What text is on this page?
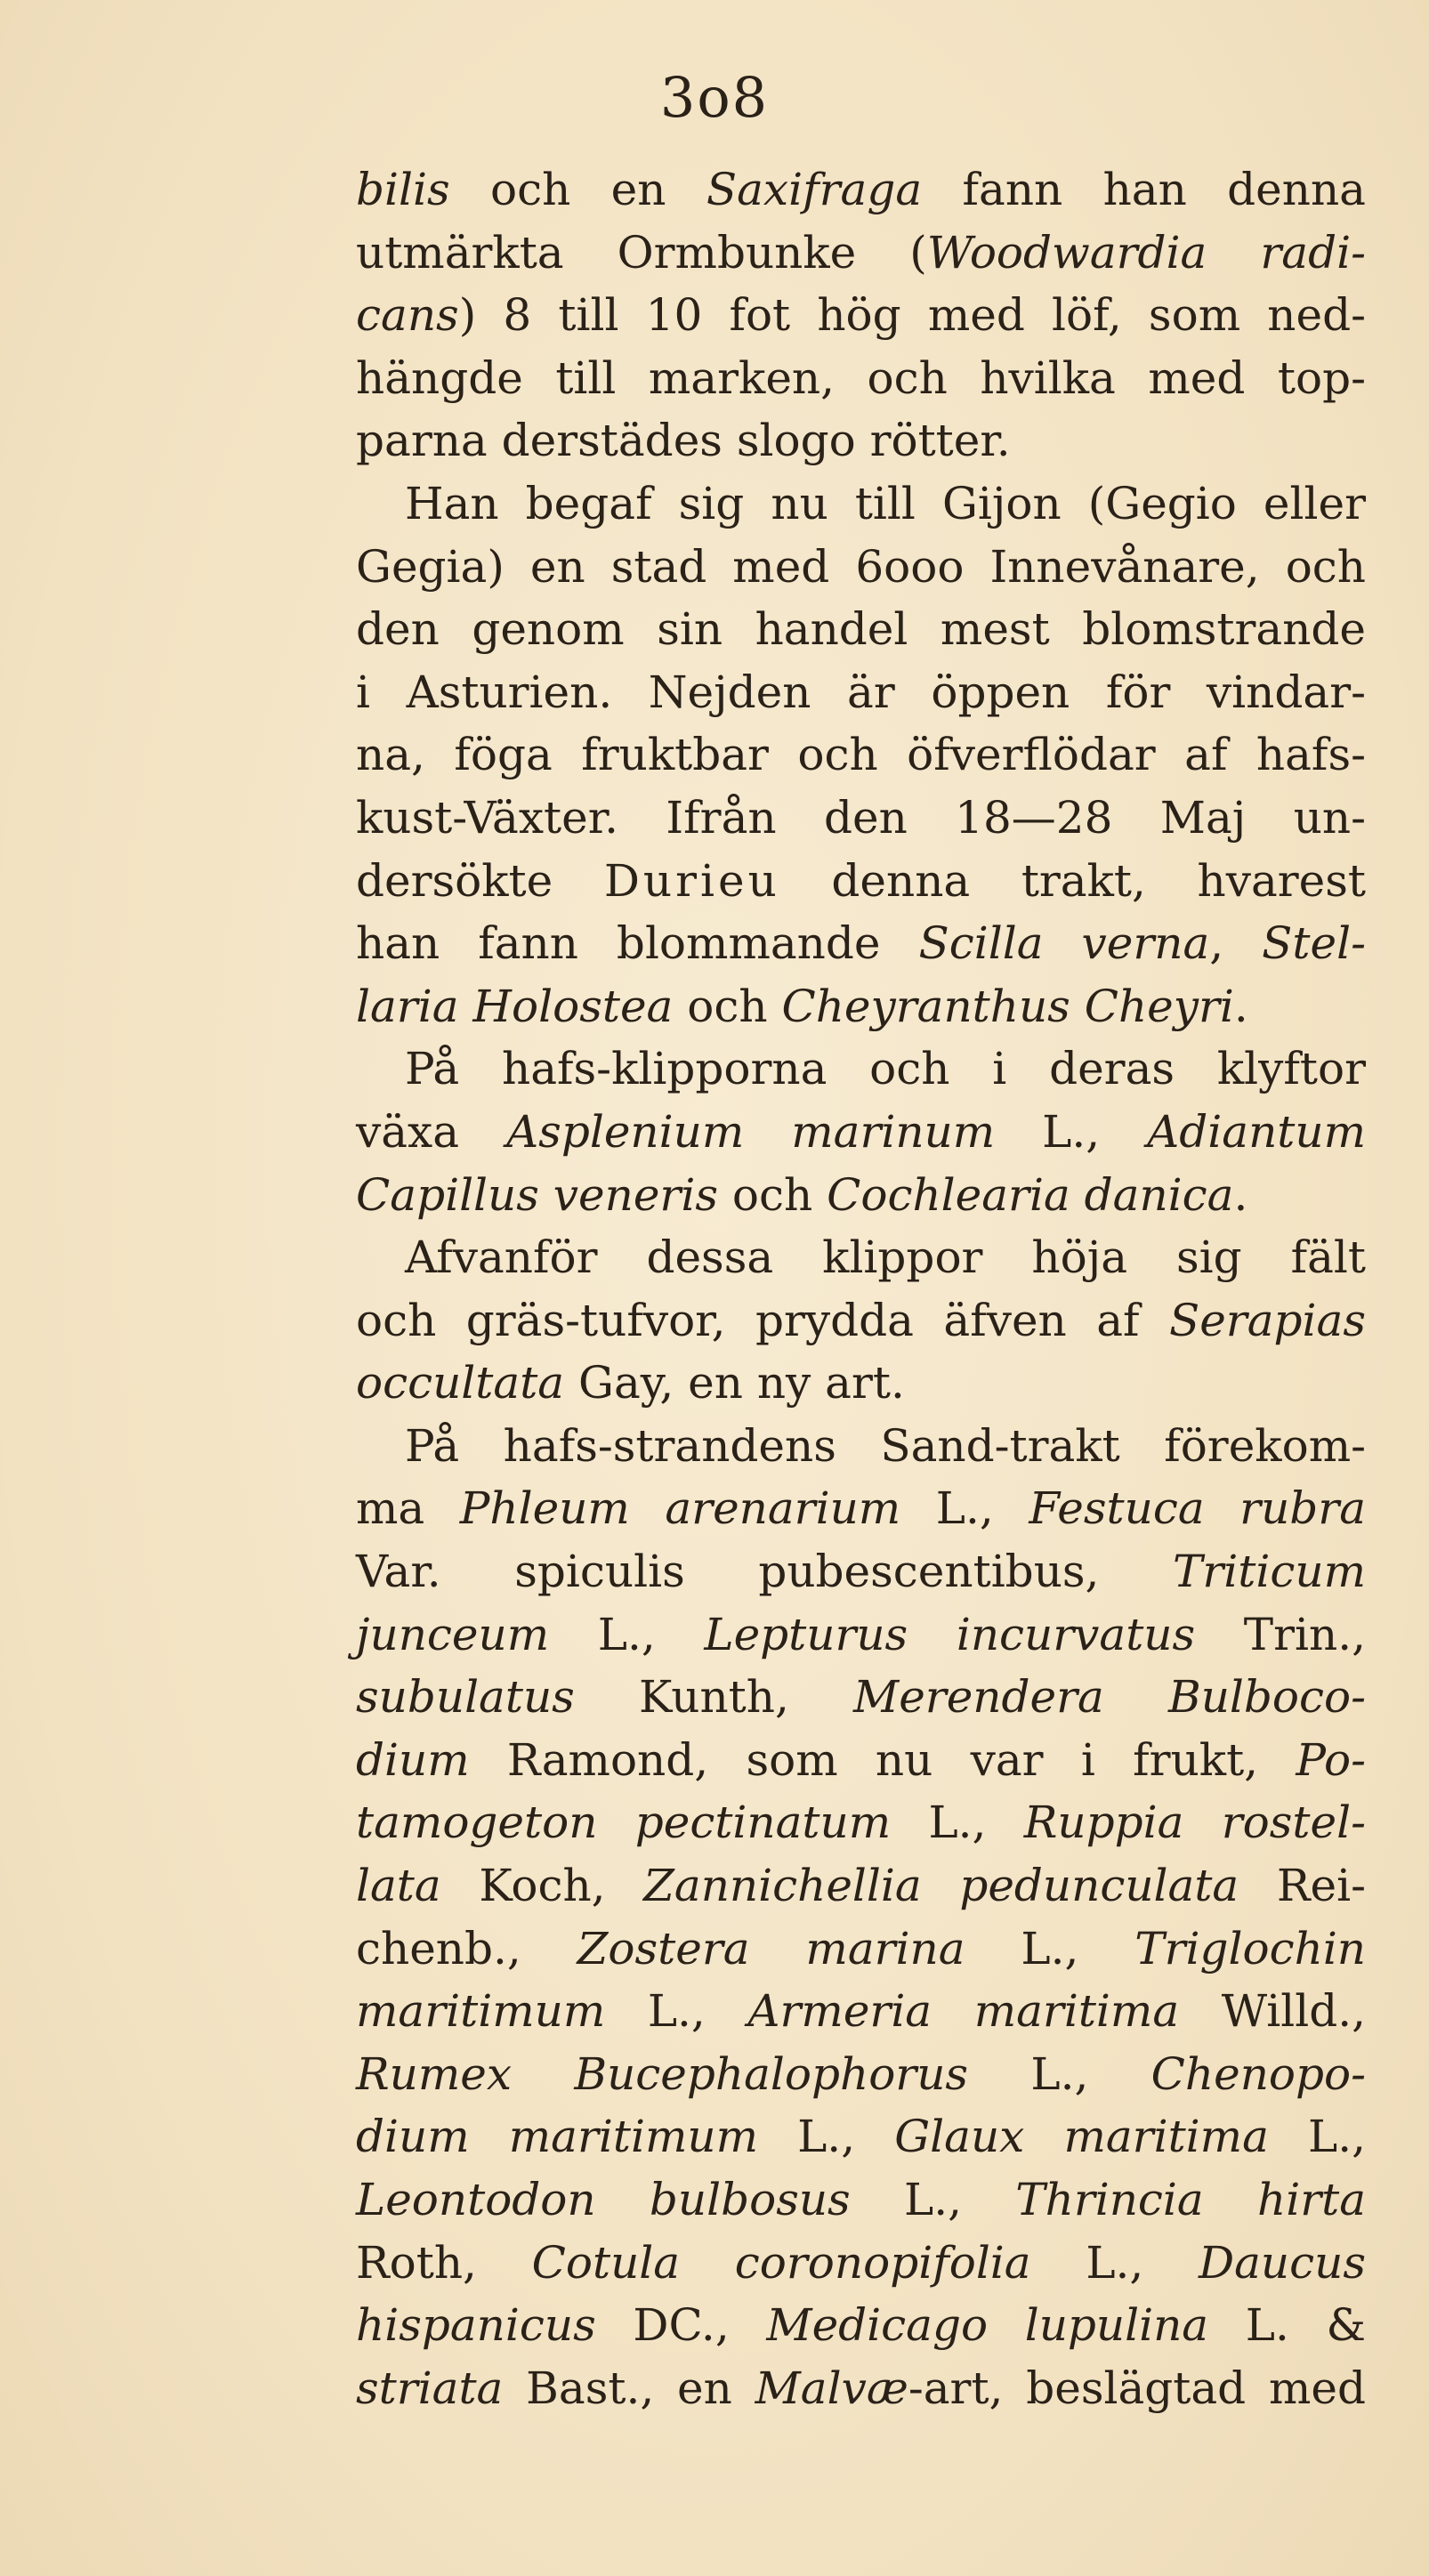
3o8
bilis och en Saxifraga fann han denna
utmärkta Ormbunke (Woodwardia radi-
cans) 8 till 10 fot hög med löf, som ned-
hängde till marken, och hvilka med top-
parna derstädes slogo rötter.
Han begaf sig nu till Gijon (Gegio eller
Gegia) en stad med 6ooo Innevånare, och
den genom sin handel mest blomstrande
i Asturien. Nejden är öppen för vindar-
na, föga fruktbar och öfverflödar af hafs-
kust-Växter. Ifrån den 18—28 Maj un-
dersökte Durieu denna trakt, hvarest
han fann blommande Scilla verna, Stel-
laria Holostea och Cheyranthus Cheyri.
På hafs-klipporna och i deras klyftor
växa Asplenium marinum L., Adiantum
Capillus veneris och Cochlearia danica.
Afvanför dessa klippor höja sig fält
och gräs-tufvor, prydda äfven af Serapias
occultata Gay, en ny art.
På hafs-strandens Sand-trakt förekom-
ma Phleum arenarium L., Festuca rubra
Var. spiculis pubescentibus, Triticum
junceum L., Lepturus incurvatus Trin.,
subulatus Kunth, Merendera Bulboco-
dium Ramond, som nu var i frukt, Po-
tamogeton pectinatum L., Ruppia rostel-
lata Koch, Zannichellia pedunculata Rei-
chenb., Zostera marina L., Triglochin
maritimum L., Armeria maritima Willd.,
Rumex Bucephalophorus L., Chenopo-
dium maritimum L., Glaux maritima L.,
Leontodon bulbosus L., Thrincia hirta
Roth, Cotula coronopifolia L., Daucus
hispanicus DC., Medicago lupulina L. &
striata Bast., en Malvæ-art, beslägtad med
